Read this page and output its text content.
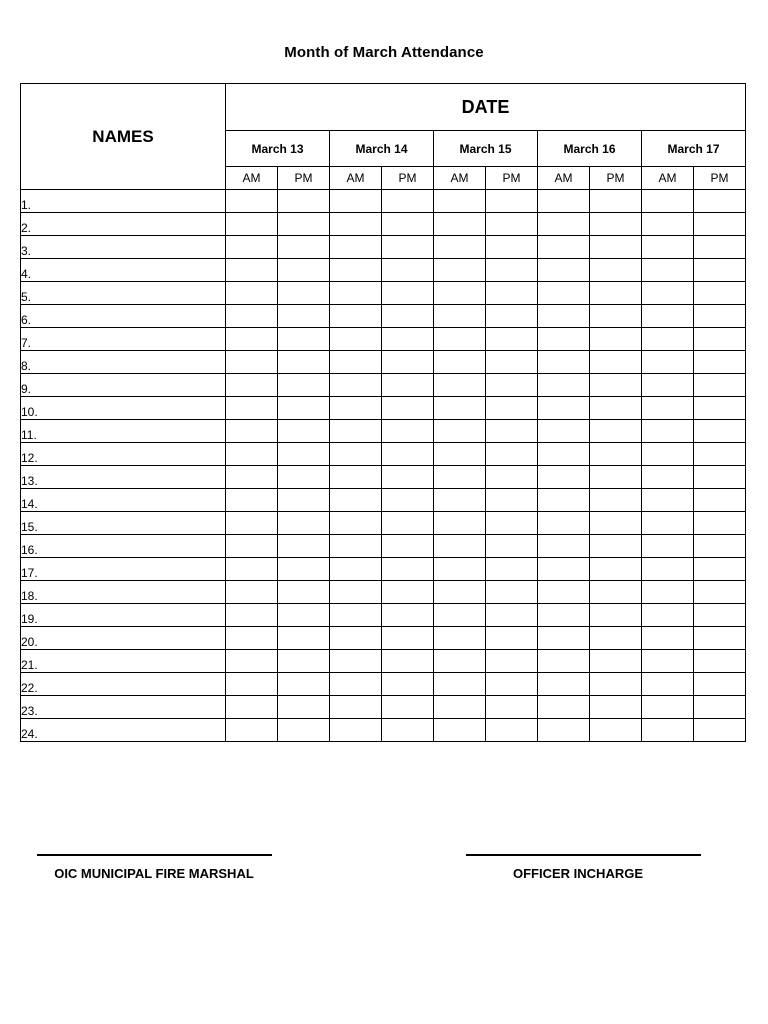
Month of March Attendance
NAMES	DATE									
	March 13		March 14		March 15		March 16		March 17	
	AM	PM	AM	PM	AM	PM	AM	PM	AM	PM
1.										
2.										
3.										
4.										
5.										
6.										
7.										
8.										
9.										
10.										
11.										
12.										
13.										
14.										
15.										
16.										
17.										
18.										
19.										
20.										
21.										
22.										
23.										
24.										
OIC MUNICIPAL FIRE MARSHAL	OFFICER INCHARGE
